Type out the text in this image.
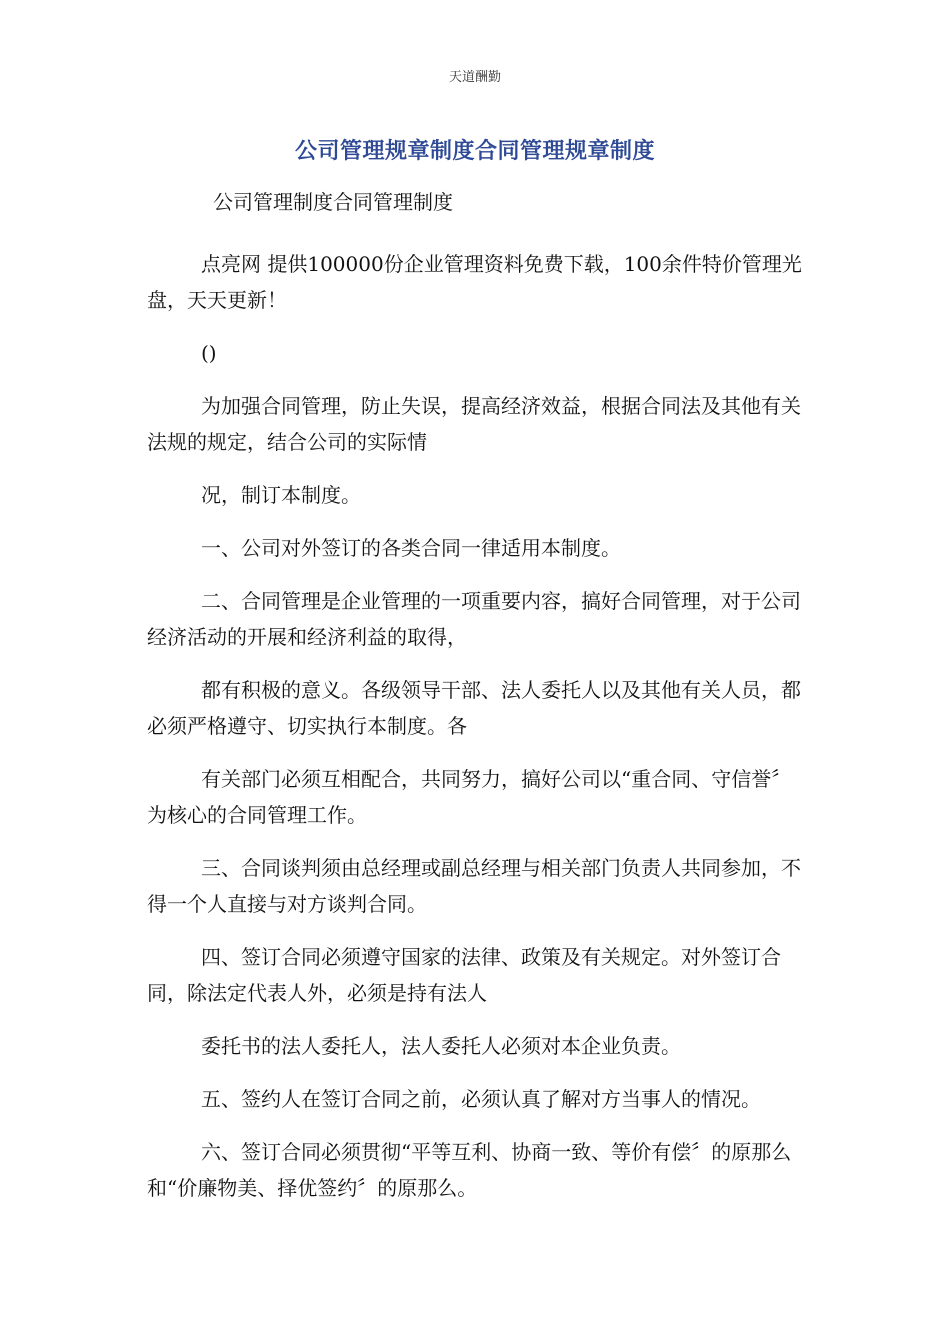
天道酬勤
公司管理规章制度合同管理规章制度

公司管理制度合同管理制度

点亮网 提供100000份企业管理资料免费下载，100余件特价管理光盘，天天更新！

()

为加强合同管理，防止失误，提高经济效益，根据合同法及其他有关法规的规定，结合公司的实际情

况，制订本制度。

一、公司对外签订的各类合同一律适用本制度。

二、合同管理是企业管理的一项重要内容，搞好合同管理，对于公司经济活动的开展和经济利益的取得，

都有积极的意义。各级领导干部、法人委托人以及其他有关人员，都必须严格遵守、切实执行本制度。各

有关部门必须互相配合，共同努力，搞好公司以“重合同、守信誉〞为核心的合同管理工作。

三、合同谈判须由总经理或副总经理与相关部门负责人共同参加，不得一个人直接与对方谈判合同。

四、签订合同必须遵守国家的法律、政策及有关规定。对外签订合同，除法定代表人外，必须是持有法人

委托书的法人委托人，法人委托人必须对本企业负责。

五、签约人在签订合同之前，必须认真了解对方当事人的情况。

六、签订合同必须贯彻“平等互利、协商一致、等价有偿〞的原那么和“价廉物美、择优签约〞的原那么。
